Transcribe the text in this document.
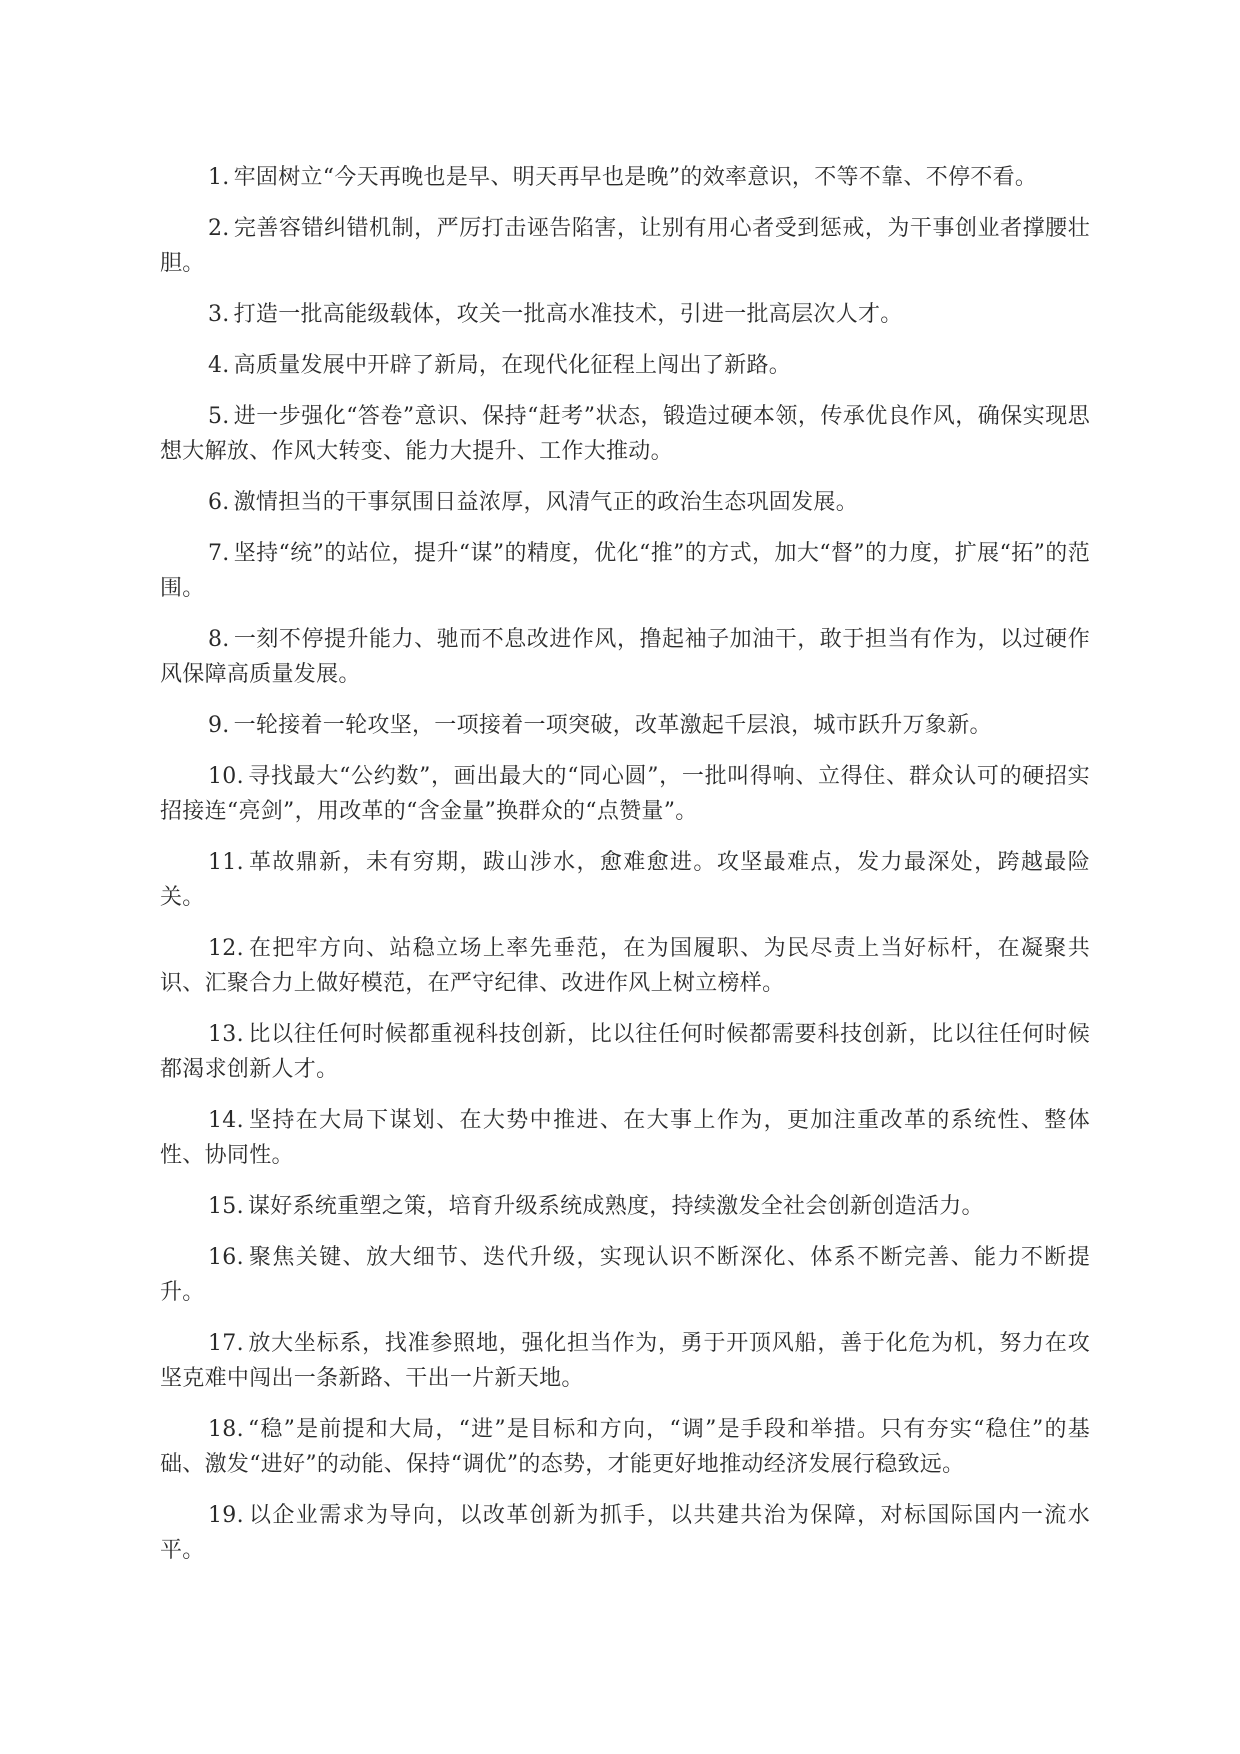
1. 牢固树立“今天再晚也是早、明天再早也是晚”的效率意识，不等不靠、不停不看。

2. 完善容错纠错机制，严厉打击诬告陷害，让别有用心者受到惩戒，为干事创业者撑腰壮胆。

3. 打造一批高能级载体，攻关一批高水准技术，引进一批高层次人才。

4. 高质量发展中开辟了新局，在现代化征程上闯出了新路。

5. 进一步强化“答卷”意识、保持“赶考”状态，锻造过硬本领，传承优良作风，确保实现思想大解放、作风大转变、能力大提升、工作大推动。

6. 激情担当的干事氛围日益浓厚，风清气正的政治生态巩固发展。

7. 坚持“统”的站位，提升“谋”的精度，优化“推”的方式，加大“督”的力度，扩展“拓”的范围。

8. 一刻不停提升能力、驰而不息改进作风，撸起袖子加油干，敢于担当有作为，以过硬作风保障高质量发展。

9. 一轮接着一轮攻坚，一项接着一项突破，改革激起千层浪，城市跃升万象新。

10. 寻找最大“公约数”，画出最大的“同心圆”，一批叫得响、立得住、群众认可的硬招实招接连“亮剑”，用改革的“含金量”换群众的“点赞量”。

11. 革故鼎新，未有穷期，跋山涉水，愈难愈进。攻坚最难点，发力最深处，跨越最险关。

12. 在把牢方向、站稳立场上率先垂范，在为国履职、为民尽责上当好标杆，在凝聚共识、汇聚合力上做好模范，在严守纪律、改进作风上树立榜样。

13. 比以往任何时候都重视科技创新，比以往任何时候都需要科技创新，比以往任何时候都渴求创新人才。

14. 坚持在大局下谋划、在大势中推进、在大事上作为，更加注重改革的系统性、整体性、协同性。

15. 谋好系统重塑之策，培育升级系统成熟度，持续激发全社会创新创造活力。

16. 聚焦关键、放大细节、迭代升级，实现认识不断深化、体系不断完善、能力不断提升。

17. 放大坐标系，找准参照地，强化担当作为，勇于开顶风船，善于化危为机，努力在攻坚克难中闯出一条新路、干出一片新天地。

18. “稳”是前提和大局，“进”是目标和方向，“调”是手段和举措。只有夯实“稳住”的基础、激发“进好”的动能、保持“调优”的态势，才能更好地推动经济发展行稳致远。

19. 以企业需求为导向，以改革创新为抓手，以共建共治为保障，对标国际国内一流水平。
